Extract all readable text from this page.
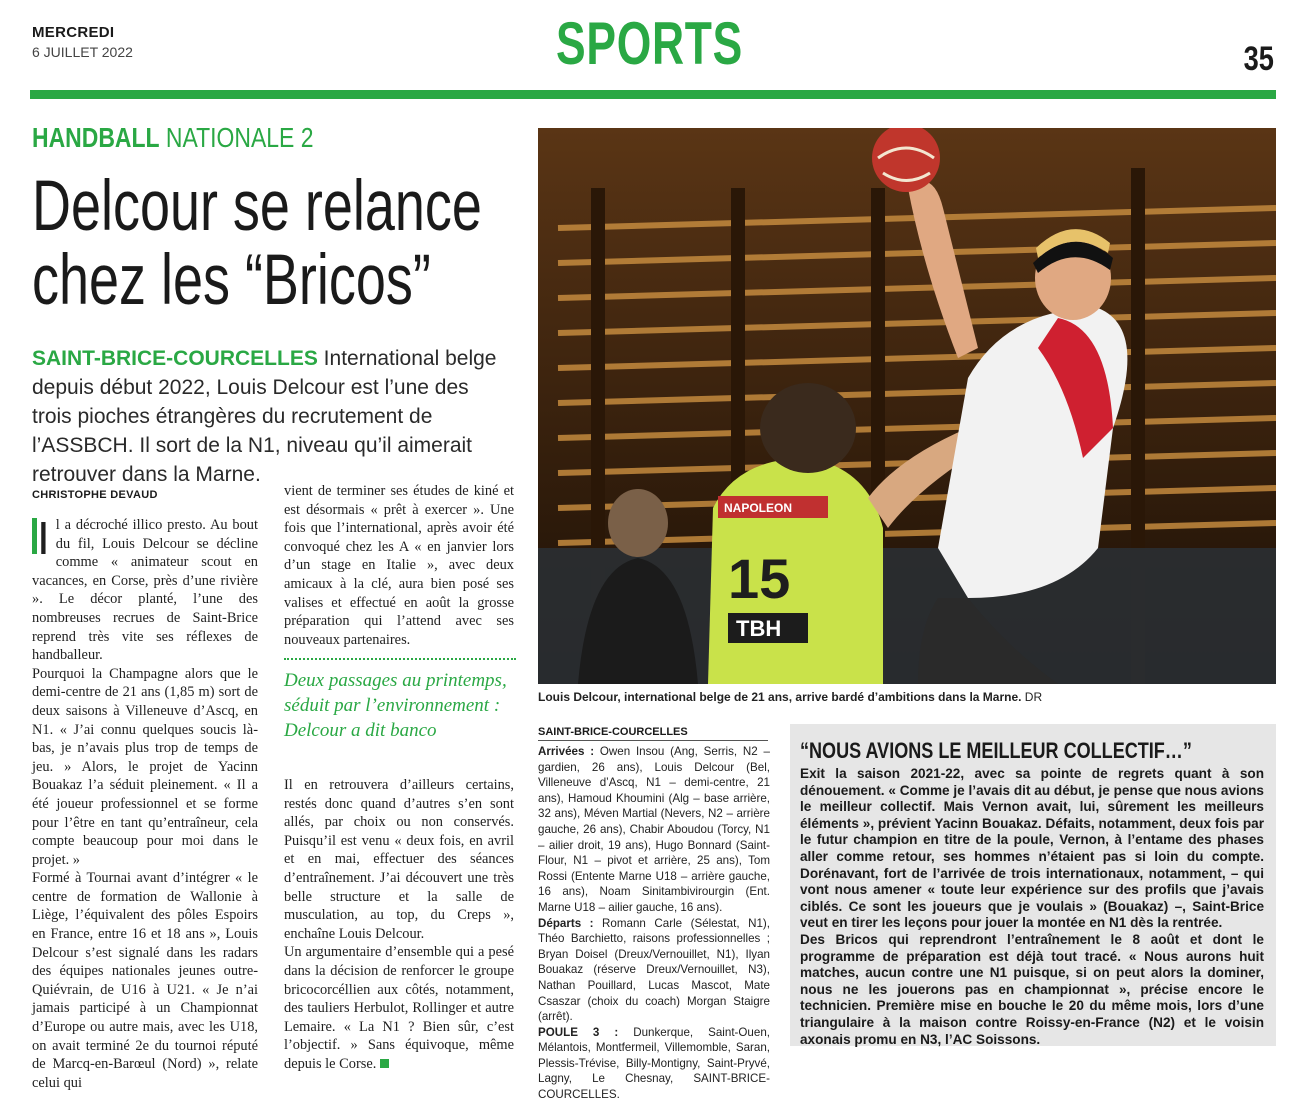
MERCREDI
6 JUILLET 2022	SPORTS	35
HANDBALL NATIONALE 2
Delcour se relance
chez les “Bricos”
SAINT-BRICE-COURCELLES International belge depuis début 2022, Louis Delcour est l’une des trois pioches étrangères du recrutement de l’ASSBCH. Il sort de la N1, niveau qu’il aimerait retrouver dans la Marne.
CHRISTOPHE DEVAUD

Il a décroché illico presto. Au bout du fil, Louis Delcour se décline comme « animateur scout en vacances, en Corse, près d’une rivière ». Le décor planté, l’une des nombreuses recrues de Saint-Brice reprend très vite ses réflexes de handballeur.

Pourquoi la Champagne alors que le demi-centre de 21 ans (1,85 m) sort de deux saisons à Villeneuve d’Ascq, en N1. « J’ai connu quelques soucis là-bas, je n’avais plus trop de temps de jeu. » Alors, le projet de Yacinn Bouakaz l’a séduit pleinement. « Il a été joueur professionnel et se forme pour l’être en tant qu’entraîneur, cela compte beaucoup pour moi dans le projet. »

Formé à Tournai avant d’intégrer « le centre de formation de Wallonie à Liège, l’équivalent des pôles Espoirs en France, entre 16 et 18 ans », Louis Delcour s’est signalé dans les radars des équipes nationales jeunes outre-Quiévrain, de U16 à U21. « Je n’ai jamais participé à un Championnat d’Europe ou autre mais, avec les U18, on avait terminé 2e du tournoi réputé de Marcq-en-Barœul (Nord) », relate celui qui

vient de terminer ses études de kiné et est désormais « prêt à exercer ». Une fois que l’international, après avoir été convoqué chez les A « en janvier lors d’un stage en Italie », avec deux amicaux à la clé, aura bien posé ses valises et effectué en août la grosse préparation qui l’attend avec ses nouveaux partenaires.

Deux passages au printemps, séduit par l’environnement : Delcour a dit banco

Il en retrouvera d’ailleurs certains, restés donc quand d’autres s’en sont allés, par choix ou non conservés. Puisqu’il est venu « deux fois, en avril et en mai, effectuer des séances d’entraînement. J’ai découvert une très belle structure et la salle de musculation, au top, du Creps », enchaîne Louis Delcour.

Un argumentaire d’ensemble qui a pesé dans la décision de renforcer le groupe bricocorcéllien aux côtés, notamment, des tauliers Herbulot, Rollinger et autre Lemaire. « La N1 ? Bien sûr, c’est l’objectif. » Sans équivoque, même depuis le Corse.

15
TBH
NAPOLEON
Louis Delcour, international belge de 21 ans, arrive bardé d’ambitions dans la Marne. DR
SAINT-BRICE-COURCELLES

Arrivées : Owen Insou (Ang, Serris, N2 – gardien, 26 ans), Louis Delcour (Bel, Villeneuve d’Ascq, N1 – demi-centre, 21 ans), Hamoud Khoumini (Alg – base arrière, 32 ans), Méven Martial (Nevers, N2 – arrière gauche, 26 ans), Chabir Aboudou (Torcy, N1 – ailier droit, 19 ans), Hugo Bonnard (Saint-Flour, N1 – pivot et arrière, 25 ans), Tom Rossi (Entente Marne U18 – arrière gauche, 16 ans), Noam Sinitambivirourgin (Ent. Marne U18 – ailier gauche, 16 ans).

Départs : Romann Carle (Sélestat, N1), Théo Barchietto, raisons professionnelles ; Bryan Doisel (Dreux/Vernouillet, N1), Ilyan Bouakaz (réserve Dreux/Vernouillet, N3), Nathan Pouillard, Lucas Mascot, Mate Csaszar (choix du coach) Morgan Staigre (arrêt).

POULE 3 : Dunkerque, Saint-Ouen, Mélantois, Montfermeil, Villemomble, Saran, Plessis-Trévise, Billy-Montigny, Saint-Pryvé, Lagny, Le Chesnay, SAINT-BRICE-COURCELLES.

“NOUS AVIONS LE MEILLEUR COLLECTIF…”

Exit la saison 2021-22, avec sa pointe de regrets quant à son dénouement. « Comme je l’avais dit au début, je pense que nous avions le meilleur collectif. Mais Vernon avait, lui, sûrement les meilleurs éléments », prévient Yacinn Bouakaz. Défaits, notamment, deux fois par le futur champion en titre de la poule, Vernon, à l’entame des phases aller comme retour, ses hommes n’étaient pas si loin du compte. Dorénavant, fort de l’arrivée de trois internationaux, notamment, – qui vont nous amener « toute leur expérience sur des profils que j’avais ciblés. Ce sont les joueurs que je voulais » (Bouakaz) –, Saint-Brice veut en tirer les leçons pour jouer la montée en N1 dès la rentrée.

Des Bricos qui reprendront l’entraînement le 8 août et dont le programme de préparation est déjà tout tracé. « Nous aurons huit matches, aucun contre une N1 puisque, si on peut alors la dominer, nous ne les jouerons pas en championnat », précise encore le technicien. Première mise en bouche le 20 du même mois, lors d’une triangulaire à la maison contre Roissy-en-France (N2) et le voisin axonais promu en N3, l’AC Soissons.
